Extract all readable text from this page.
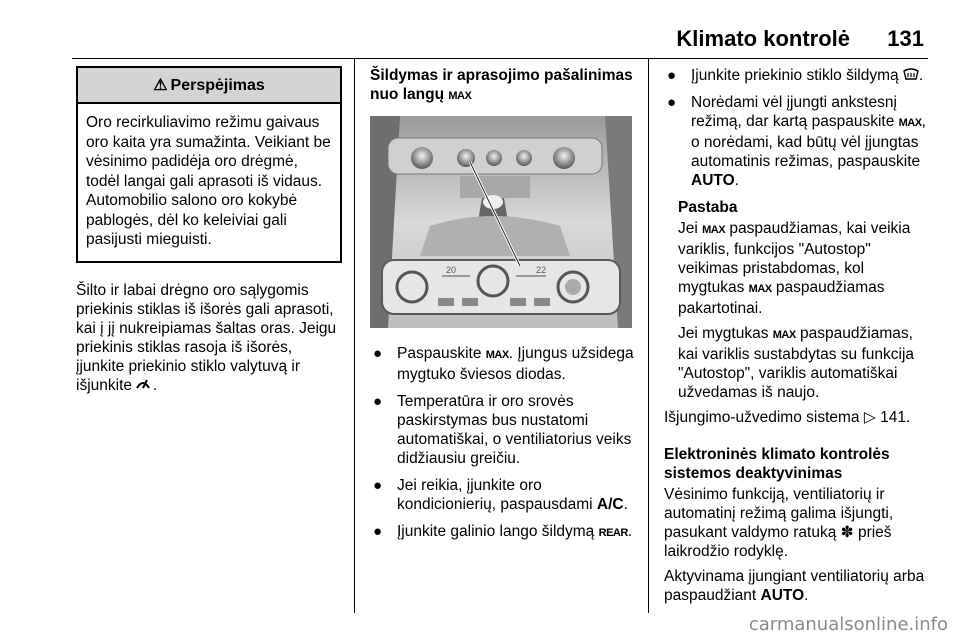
Klimato kontrolė 131
⚠ Perspėjimas
Oro recirkuliavimo režimu gaivaus oro kaita yra sumažinta. Veikiant be vėsinimo padidėja oro drėgmė, todėl langai gali aprasoti iš vidaus. Automobilio salono oro kokybė pablogės, dėl ko keleiviai gali pasijusti mieguisti.

Šilto ir labai drėgno oro sąlygomis priekinis stiklas iš išorės gali aprasoti, kai į jį nukreipiamas šaltas oras. Jeigu priekinis stiklas rasoja iš išorės, įjunkite priekinio stiklo valytuvą ir išjunkite .

Šildymas ir aprasojimo pašalinimas nuo langų MAX
20	22
● Paspauskite MAX. Įjungus užsidega mygtuko šviesos diodas.
● Temperatūra ir oro srovės paskirstymas bus nustatomi automatiškai, o ventiliatorius veiks didžiausiu greičiu.
● Jei reikia, įjunkite oro kondicionierių, paspausdami A/C.
● Įjunkite galinio lango šildymą REAR.
● Įjunkite priekinio stiklo šildymą .
● Norėdami vėl įjungti ankstesnį režimą, dar kartą paspauskite MAX, o norėdami, kad būtų vėl įjungtas automatinis režimas, paspauskite AUTO.
Pastaba

Jei MAX paspaudžiamas, kai veikia variklis, funkcijos "Autostop" veikimas pristabdomas, kol mygtukas MAX paspaudžiamas pakartotinai.

Jei mygtukas MAX paspaudžiamas, kai variklis sustabdytas su funkcija "Autostop", variklis automatiškai užvedamas iš naujo.

Išjungimo-užvedimo sistema ▷ 141.

Elektroninės klimato kontrolės sistemos deaktyvinimas

Vėsinimo funkciją, ventiliatorių ir automatinį režimą galima išjungti, pasukant valdymo ratuką ✽ prieš laikrodžio rodyklę.

Aktyvinama įjungiant ventiliatorių arba paspaudžiant AUTO.

carmanualsonline.info
